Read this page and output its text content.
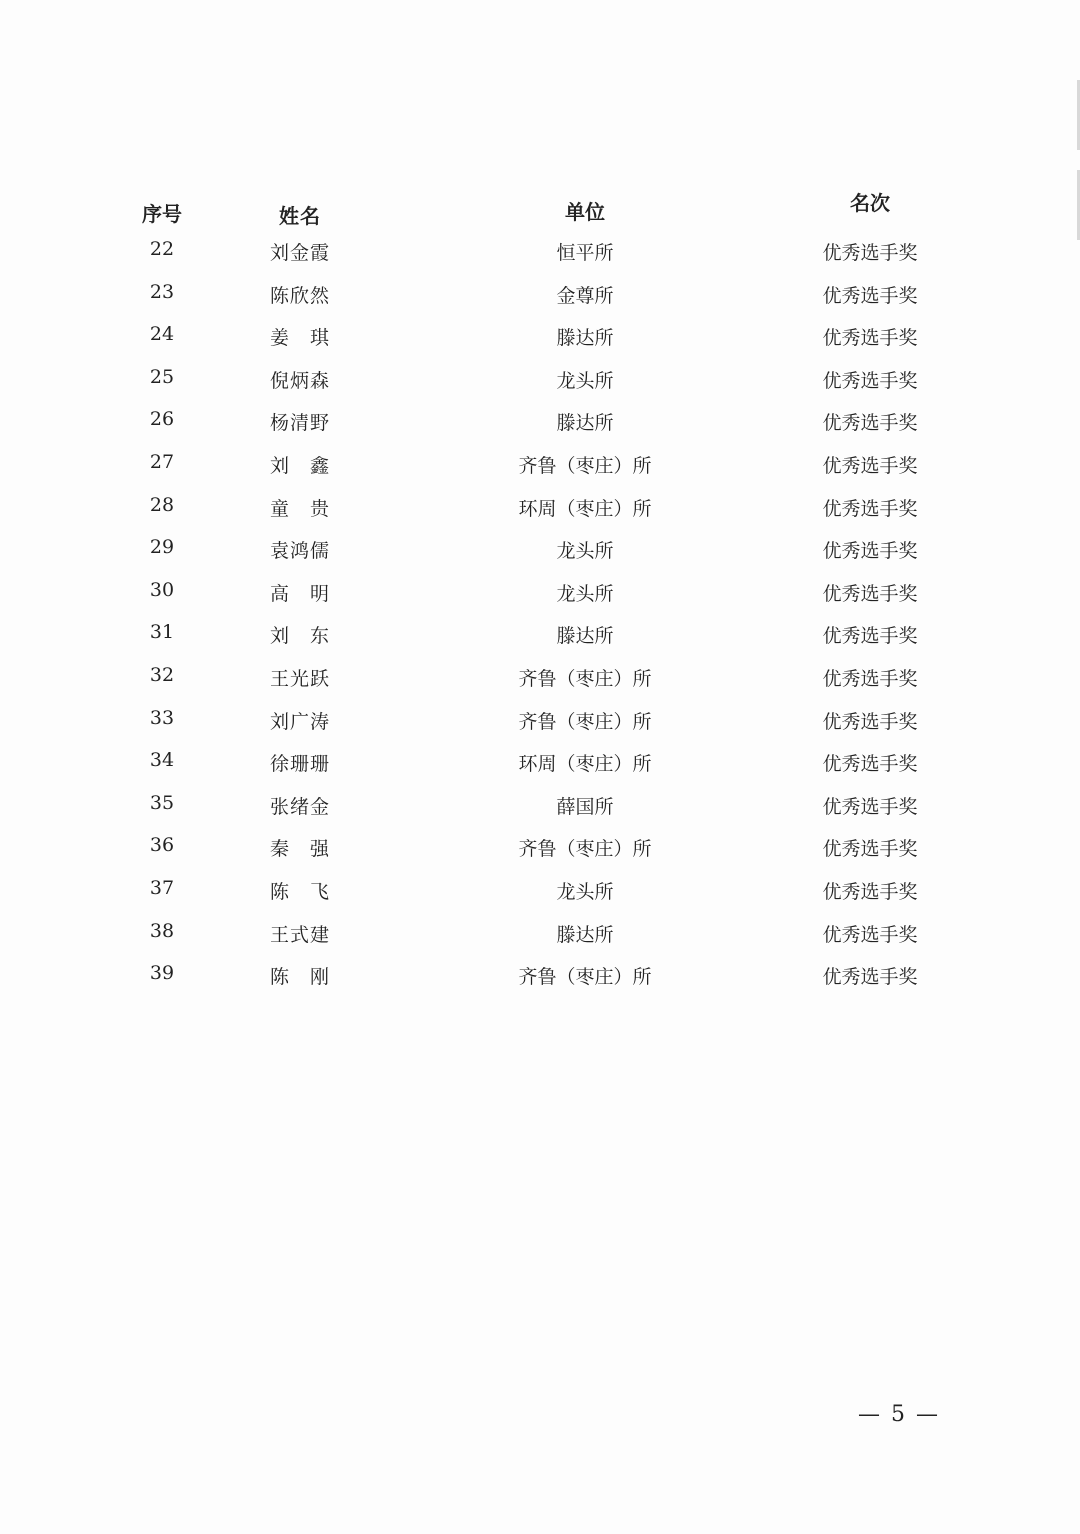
序号	姓名	单位	名次
22	刘金霞	恒平所	优秀选手奖
23	陈欣然	金尊所	优秀选手奖
24	姜　琪	滕达所	优秀选手奖
25	倪炳森	龙头所	优秀选手奖
26	杨清野	滕达所	优秀选手奖
27	刘　鑫	齐鲁（枣庄）所	优秀选手奖
28	童　贵	环周（枣庄）所	优秀选手奖
29	袁鸿儒	龙头所	优秀选手奖
30	高　明	龙头所	优秀选手奖
31	刘　东	滕达所	优秀选手奖
32	王光跃	齐鲁（枣庄）所	优秀选手奖
33	刘广涛	齐鲁（枣庄）所	优秀选手奖
34	徐珊珊	环周（枣庄）所	优秀选手奖
35	张绪金	薛国所	优秀选手奖
36	秦　强	齐鲁（枣庄）所	优秀选手奖
37	陈　飞	龙头所	优秀选手奖
38	王式建	滕达所	优秀选手奖
39	陈　刚	齐鲁（枣庄）所	优秀选手奖
— 5 —
